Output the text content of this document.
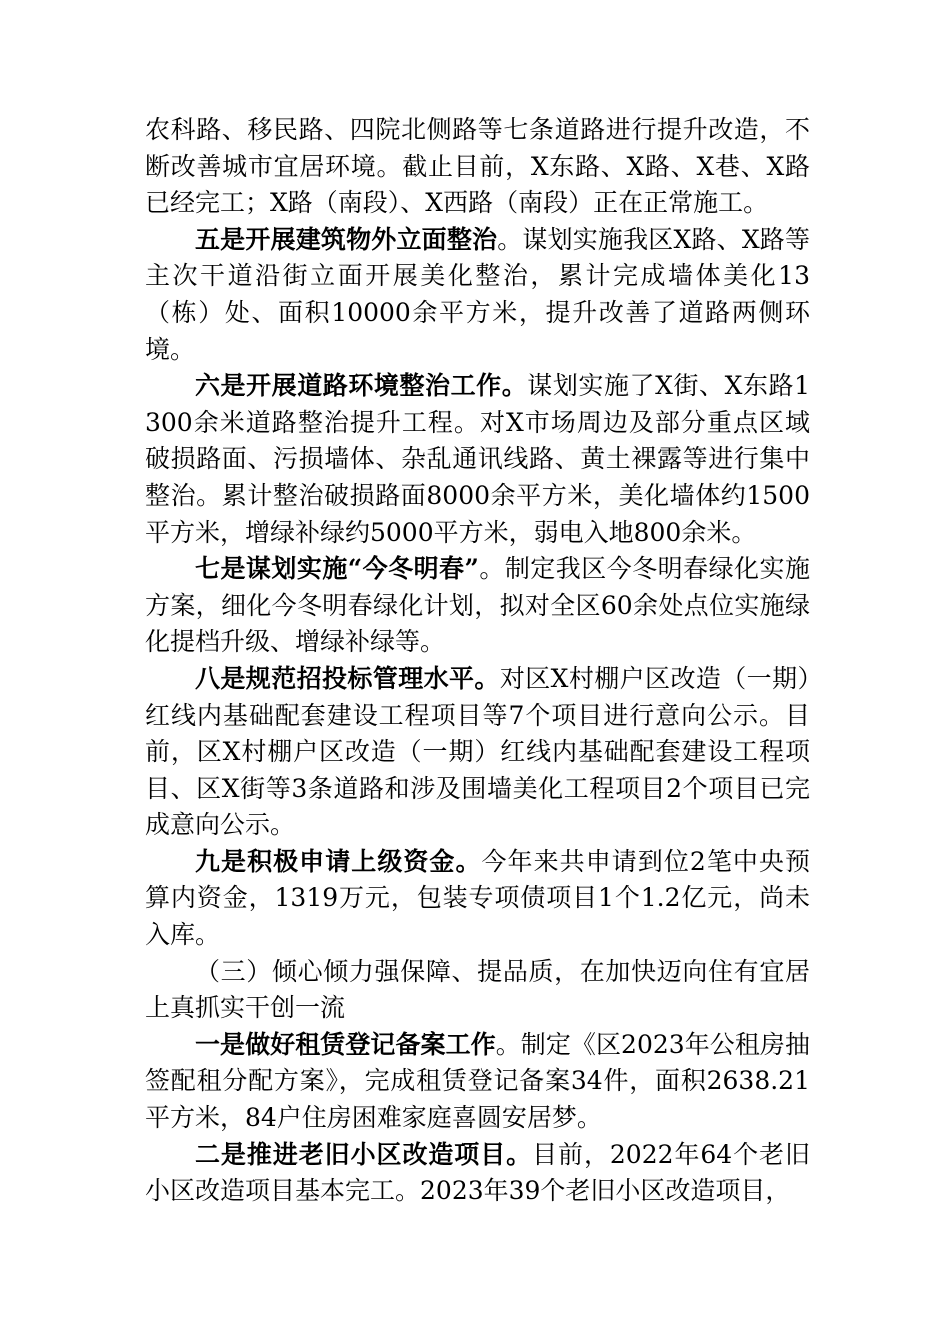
农科路、移民路、四院北侧路等七条道路进行提升改造，不断改善城市宜居环境。截止目前，X东路、X路、X巷、X路已经完工；X路（南段）、X西路（南段）正在正常施工。

五是开展建筑物外立面整治。谋划实施我区X路、X路等主次干道沿街立面开展美化整治，累计完成墙体美化13（栋）处、面积10000余平方米，提升改善了道路两侧环境。

六是开展道路环境整治工作。谋划实施了X街、X东路1300余米道路整治提升工程。对X市场周边及部分重点区域破损路面、污损墙体、杂乱通讯线路、黄土裸露等进行集中整治。累计整治破损路面8000余平方米，美化墙体约1500平方米，增绿补绿约5000平方米，弱电入地800余米。

七是谋划实施“今冬明春”。制定我区今冬明春绿化实施方案，细化今冬明春绿化计划，拟对全区60余处点位实施绿化提档升级、增绿补绿等。

八是规范招投标管理水平。对区X村棚户区改造（一期）红线内基础配套建设工程项目等7个项目进行意向公示。目前，区X村棚户区改造（一期）红线内基础配套建设工程项目、区X街等3条道路和涉及围墙美化工程项目2个项目已完成意向公示。

九是积极申请上级资金。今年来共申请到位2笔中央预算内资金，1319万元，包装专项债项目1个1.2亿元，尚未入库。

（三）倾心倾力强保障、提品质，在加快迈向住有宜居上真抓实干创一流

一是做好租赁登记备案工作。制定《区2023年公租房抽签配租分配方案》，完成租赁登记备案34件，面积2638.21平方米，84户住房困难家庭喜圆安居梦。

二是推进老旧小区改造项目。目前，2022年64个老旧小区改造项目基本完工。2023年39个老旧小区改造项目，
